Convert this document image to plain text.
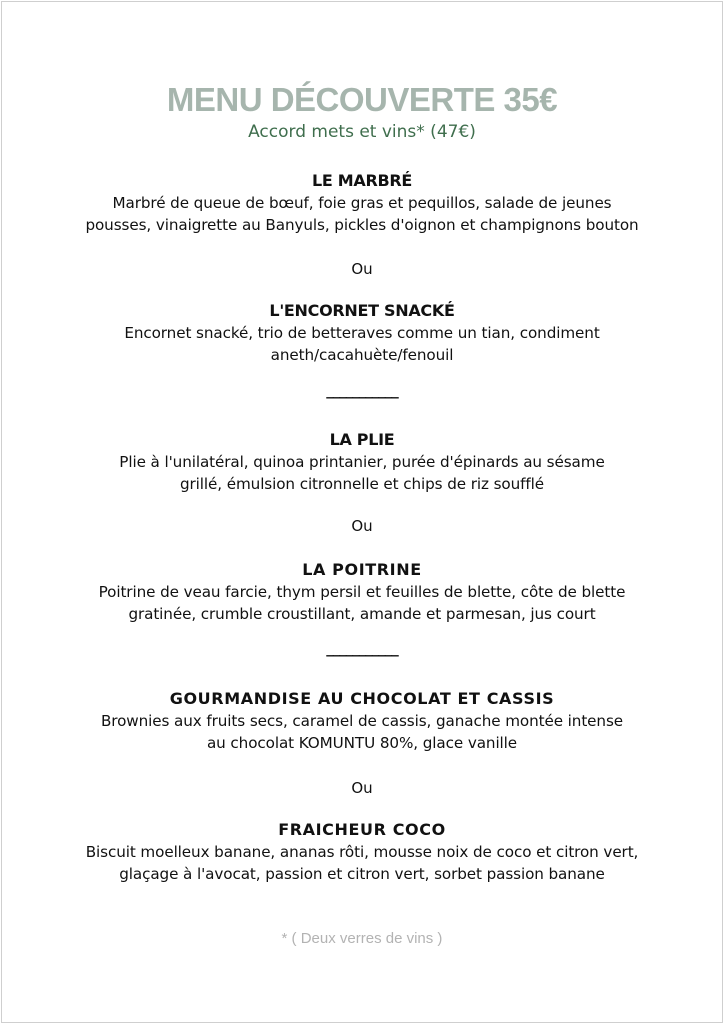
MENU DÉCOUVERTE 35€
Accord mets et vins* (47€)

LE MARBRÉ

Marbré de queue de bœuf, foie gras et pequillos, salade de jeunes

pousses, vinaigrette au Banyuls, pickles d'oignon et champignons bouton

Ou

L'ENCORNET SNACKÉ

Encornet snacké, trio de betteraves comme un tian, condiment

aneth/cacahuète/fenouil

___________

LA PLIE

Plie à l'unilatéral, quinoa printanier, purée d'épinards au sésame

grillé, émulsion citronnelle et chips de riz soufflé

Ou

LA POITRINE

Poitrine de veau farcie, thym persil et feuilles de blette, côte de blette

gratinée, crumble croustillant, amande et parmesan, jus court

___________

GOURMANDISE AU CHOCOLAT ET CASSIS

Brownies aux fruits secs, caramel de cassis, ganache montée intense

au chocolat KOMUNTU 80%, glace vanille

Ou

FRAICHEUR COCO

Biscuit moelleux banane, ananas rôti, mousse noix de coco et citron vert,

glaçage à l'avocat, passion et citron vert, sorbet passion banane

* ( Deux verres de vins )
